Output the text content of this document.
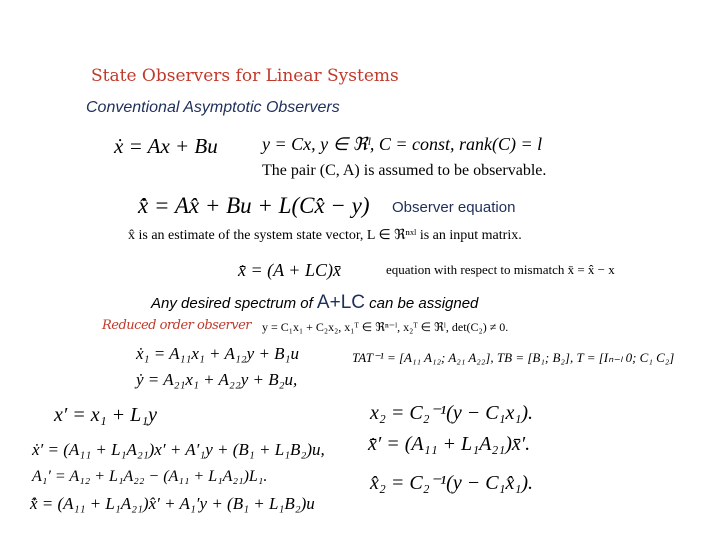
State Observers for Linear Systems
Conventional Asymptotic Observers
ẋ = Ax + Bu y = Cx, y ∈ ℜˡ, C = const, rank(C) = l
The pair (C, A) is assumed to be observable.
x̂̇ = Ax̂ + Bu + L(Cx̂ − y) Observer equation
x̂ is an estimate of the system state vector, L ∈ ℜⁿˣˡ is an input matrix.
x̄̇ = (A + LC)x̄	equation with respect to mismatch x̄ = x̂ − x
Any desired spectrum of A+LC can be assigned
Reduced order observer y = C₁x₁ + C₂x₂, x₁ᵀ ∈ ℜⁿ⁻ˡ, x₂ᵀ ∈ ℜˡ, det(C₂) ≠ 0.
ẋ₁ = A₁₁x₁ + A₁₂y + B₁u
ẏ = A₂₁x₁ + A₂₂y + B₂u,
TAT⁻¹ = [A₁₁ A₁₂; A₂₁ A₂₂], TB = [B₁; B₂], T = [Iₙ₋ₗ 0; C₁ C₂]
x′ = x₁ + L₁y	x₂ = C₂⁻¹(y − C₁x₁).
ẋ′ = (A₁₁ + L₁A₂₁)x′ + A′₁y + (B₁ + L₁B₂)u, x̄̇′ = (A₁₁ + L₁A₂₁)x̄′.
A₁′ = A₁₂ + L₁A₂₂ − (A₁₁ + L₁A₂₁)L₁.	x̂₂ = C₂⁻¹(y − C₁x̂₁).
x̂̇ = (A₁₁ + L₁A₂₁)x̂′ + A₁′y + (B₁ + L₁B₂)u
